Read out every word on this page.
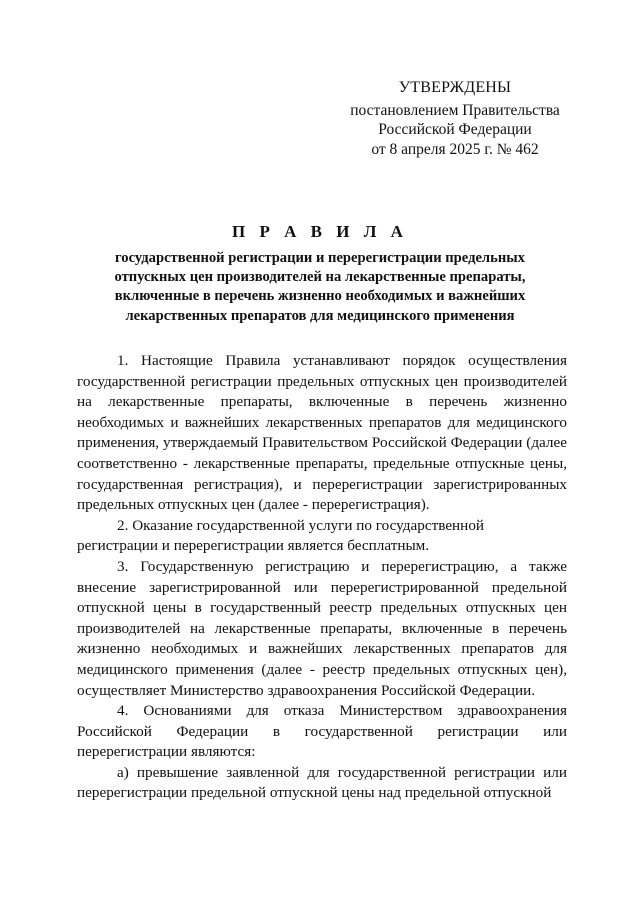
УТВЕРЖДЕНЫ
постановлением Правительства
Российской Федерации
от 8 апреля 2025 г. № 462
П Р А В И Л А
государственной регистрации и перерегистрации предельных отпускных цен производителей на лекарственные препараты, включенные в перечень жизненно необходимых и важнейших лекарственных препаратов для медицинского применения

1. Настоящие Правила устанавливают порядок осуществления государственной регистрации предельных отпускных цен производителей на лекарственные препараты, включенные в перечень жизненно необходимых и важнейших лекарственных препаратов для медицинского применения, утверждаемый Правительством Российской Федерации (далее соответственно - лекарственные препараты, предельные отпускные цены, государственная регистрация), и перерегистрации зарегистрированных предельных отпускных цен (далее - перерегистрация).

2. Оказание государственной услуги по государственной регистрации и перерегистрации является бесплатным.

3. Государственную регистрацию и перерегистрацию, а также внесение зарегистрированной или перерегистрированной предельной отпускной цены в государственный реестр предельных отпускных цен производителей на лекарственные препараты, включенные в перечень жизненно необходимых и важнейших лекарственных препаратов для медицинского применения (далее - реестр предельных отпускных цен), осуществляет Министерство здравоохранения Российской Федерации.

4. Основаниями для отказа Министерством здравоохранения Российской Федерации в государственной регистрации или перерегистрации являются:

а) превышение заявленной для государственной регистрации или перерегистрации предельной отпускной цены над предельной отпускной
